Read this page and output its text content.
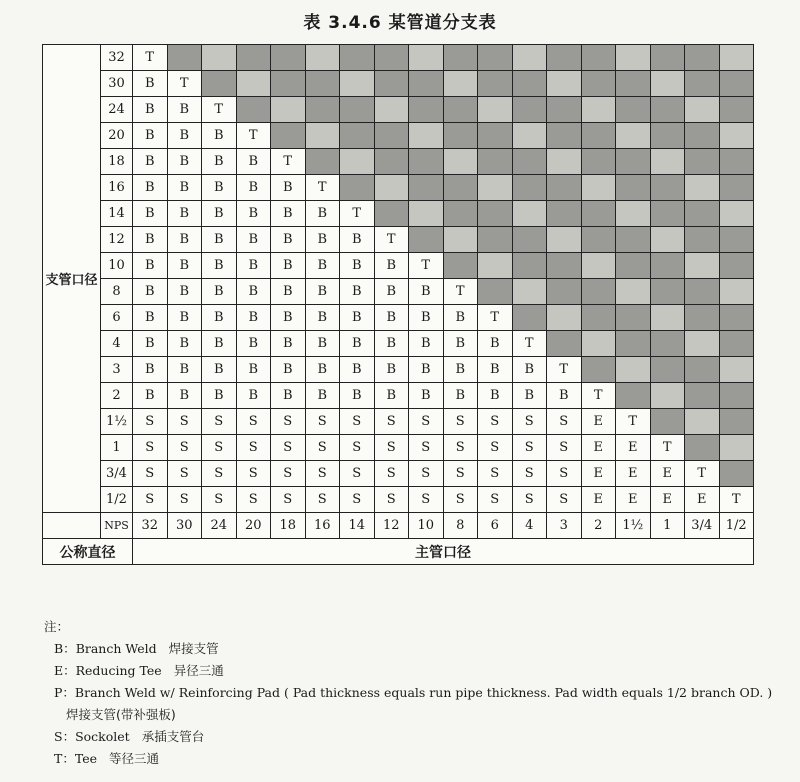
表 3.4.6 某管道分支表
支管口径	32	T																	
	30	B	T																
	24	B	B	T															
	20	B	B	B	T														
	18	B	B	B	B	T													
	16	B	B	B	B	B	T												
	14	B	B	B	B	B	B	T											
	12	B	B	B	B	B	B	B	T										
	10	B	B	B	B	B	B	B	B	T									
	8	B	B	B	B	B	B	B	B	B	T								
	6	B	B	B	B	B	B	B	B	B	B	T							
	4	B	B	B	B	B	B	B	B	B	B	B	T						
	3	B	B	B	B	B	B	B	B	B	B	B	B	T					
	2	B	B	B	B	B	B	B	B	B	B	B	B	B	T				
	1½	S	S	S	S	S	S	S	S	S	S	S	S	S	E	T			
	1	S	S	S	S	S	S	S	S	S	S	S	S	S	E	E	T		
	3/4	S	S	S	S	S	S	S	S	S	S	S	S	S	E	E	E	T	
	1/2	S	S	S	S	S	S	S	S	S	S	S	S	S	E	E	E	E	T
	NPS	32	30	24	20	18	16	14	12	10	8	6	4	3	2	1½	1	3/4	1/2
公称直径		主管口径																	
注：
B：Branch Weld 焊接支管
E：Reducing Tee 异径三通
P：Branch Weld w/ Reinforcing Pad ( Pad thickness equals run pipe thickness. Pad width equals 1/2 branch OD. )焊接支管(带补强板)
S：Sockolet 承插支管台
T：Tee 等径三通
